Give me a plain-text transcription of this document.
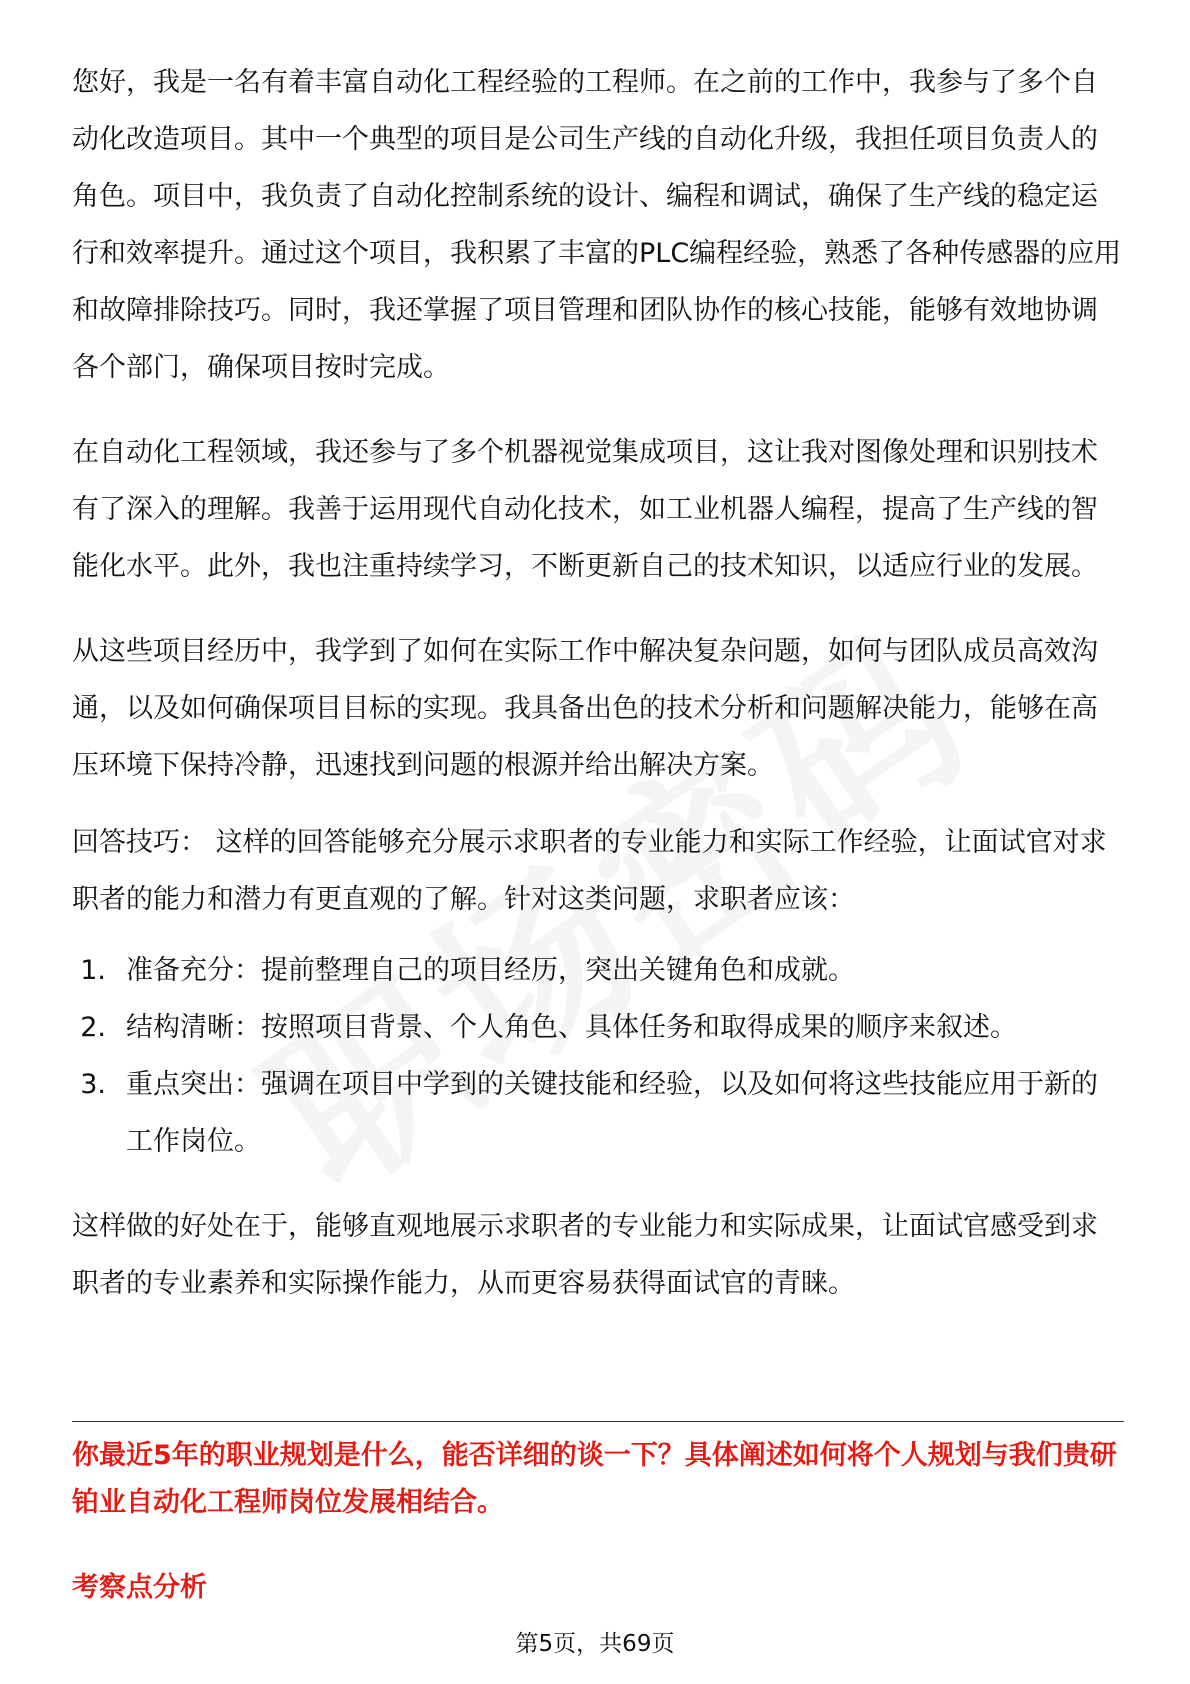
您好，我是一名有着丰富自动化工程经验的工程师。在之前的工作中，我参与了多个自动化改造项目。其中一个典型的项目是公司生产线的自动化升级，我担任项目负责人的角色。项目中，我负责了自动化控制系统的设计、编程和调试，确保了生产线的稳定运行和效率提升。通过这个项目，我积累了丰富的PLC编程经验，熟悉了各种传感器的应用和故障排除技巧。同时，我还掌握了项目管理和团队协作的核心技能，能够有效地协调各个部门，确保项目按时完成。

在自动化工程领域，我还参与了多个机器视觉集成项目，这让我对图像处理和识别技术有了深入的理解。我善于运用现代自动化技术，如工业机器人编程，提高了生产线的智能化水平。此外，我也注重持续学习，不断更新自己的技术知识，以适应行业的发展。

从这些项目经历中，我学到了如何在实际工作中解决复杂问题，如何与团队成员高效沟通，以及如何确保项目目标的实现。我具备出色的技术分析和问题解决能力，能够在高压环境下保持冷静，迅速找到问题的根源并给出解决方案。

回答技巧： 这样的回答能够充分展示求职者的专业能力和实际工作经验，让面试官对求职者的能力和潜力有更直观的了解。针对这类问题，求职者应该：

1. 准备充分：提前整理自己的项目经历，突出关键角色和成就。
2. 结构清晰：按照项目背景、个人角色、具体任务和取得成果的顺序来叙述。
3. 重点突出：强调在项目中学到的关键技能和经验，以及如何将这些技能应用于新的工作岗位。

这样做的好处在于，能够直观地展示求职者的专业能力和实际成果，让面试官感受到求职者的专业素养和实际操作能力，从而更容易获得面试官的青睐。

你最近5年的职业规划是什么，能否详细的谈一下？具体阐述如何将个人规划与我们贵研铂业自动化工程师岗位发展相结合。

考察点分析

第5页，共69页
